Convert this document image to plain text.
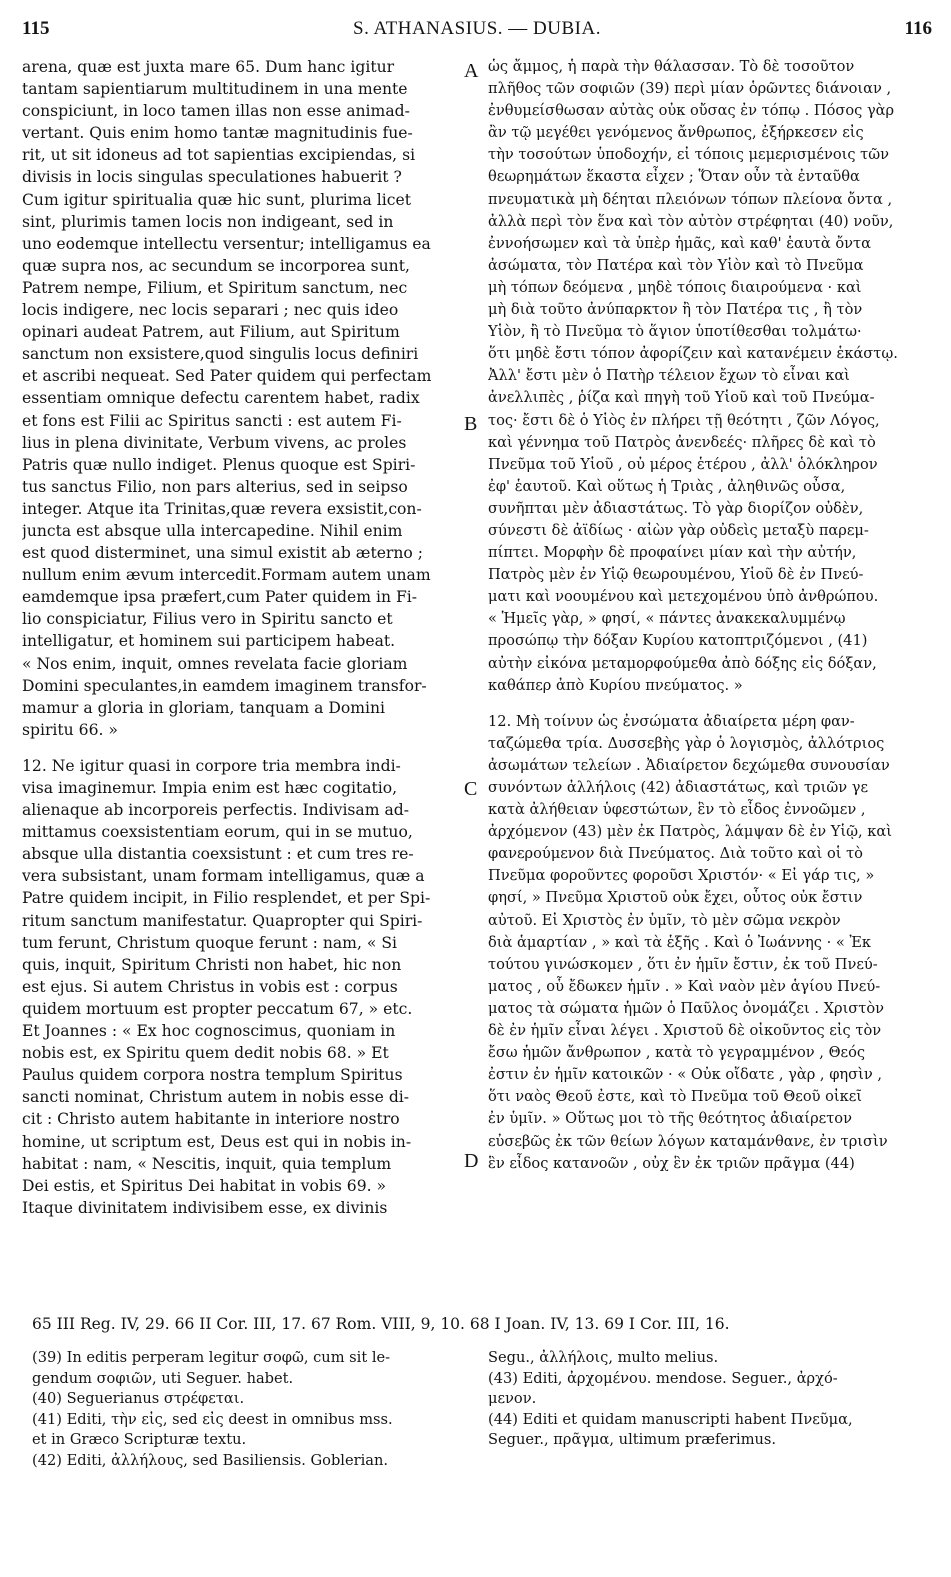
115	S. ATHANASIUS. — DUBIA.	116
arena, quæ est juxta mare 65. Dum hanc igitur
tantam sapientiarum multitudinem in una mente
conspiciunt, in loco tamen illas non esse animad-
vertant. Quis enim homo tantæ magnitudinis fue-
rit, ut sit idoneus ad tot sapientias excipiendas, si
divisis in locis singulas speculationes habuerit ?
Cum igitur spiritualia quæ hic sunt, plurima licet
sint, plurimis tamen locis non indigeant, sed in
uno eodemque intellectu versentur; intelligamus ea
quæ supra nos, ac secundum se incorporea sunt,
Patrem nempe, Filium, et Spiritum sanctum, nec
locis indigere, nec locis separari ; nec quis ideo
opinari audeat Patrem, aut Filium, aut Spiritum
sanctum non exsistere,quod singulis locus definiri
et ascribi nequeat. Sed Pater quidem qui perfectam
essentiam omnique defectu carentem habet, radix
et fons est Filii ac Spiritus sancti : est autem Fi-
lius in plena divinitate, Verbum vivens, ac proles
Patris quæ nullo indiget. Plenus quoque est Spiri-
tus sanctus Filio, non pars alterius, sed in seipso
integer. Atque ita Trinitas,quæ revera exsistit,con-
juncta est absque ulla intercapedine. Nihil enim
est quod disterminet, una simul existit ab æterno ;
nullum enim ævum intercedit.Formam autem unam
eamdemque ipsa præfert,cum Pater quidem in Fi-
lio conspiciatur, Filius vero in Spiritu sancto et
intelligatur, et hominem sui participem habeat.
« Nos enim, inquit, omnes revelata facie gloriam
Domini speculantes,in eamdem imaginem transfor-
mamur a gloria in gloriam, tanquam a Domini
spiritu 66. »
12. Ne igitur quasi in corpore tria membra indi-
visa imaginemur. Impia enim est hæc cogitatio,
alienaque ab incorporeis perfectis. Indivisam ad-
mittamus coexsistentiam eorum, qui in se mutuo,
absque ulla distantia coexsistunt : et cum tres re-
vera subsistant, unam formam intelligamus, quæ a
Patre quidem incipit, in Filio resplendet, et per Spi-
ritum sanctum manifestatur. Quapropter qui Spiri-
tum ferunt, Christum quoque ferunt : nam, « Si
quis, inquit, Spiritum Christi non habet, hic non
est ejus. Si autem Christus in vobis est : corpus
quidem mortuum est propter peccatum 67, » etc.
Et Joannes : « Ex hoc cognoscimus, quoniam in
nobis est, ex Spiritu quem dedit nobis 68. » Et
Paulus quidem corpora nostra templum Spiritus
sancti nominat, Christum autem in nobis esse di-
cit : Christo autem habitante in interiore nostro
homine, ut scriptum est, Deus est qui in nobis in-
habitat : nam, « Nescitis, inquit, quia templum
Dei estis, et Spiritus Dei habitat in vobis 69. »
Itaque divinitatem indivisibem esse, ex divinis
ὡς ἄμμος, ἡ παρὰ τὴν θάλασσαν. Τὸ δὲ τοσοῦτον
πλῆθος τῶν σοφιῶν (39) περὶ μίαν ὁρῶντες διάνοιαν ,
ἐνθυμείσθωσαν αὐτὰς οὐκ οὔσας ἐν τόπῳ . Πόσος γὰρ
ἂν τῷ μεγέθει γενόμενος ἄνθρωπος, ἐξήρκεσεν εἰς
τὴν τοσούτων ὑποδοχήν, εἰ τόποις μεμερισμένοις τῶν
θεωρημάτων ἕκαστα εἶχεν ; Ὅταν οὖν τὰ ἐνταῦθα
πνευματικὰ μὴ δέηται πλειόνων τόπων πλείονα ὄντα ,
ἀλλὰ περὶ τὸν ἕνα καὶ τὸν αὐτὸν στρέφηται (40) νοῦν,
ἐννοήσωμεν καὶ τὰ ὑπὲρ ἡμᾶς, καὶ καθ' ἑαυτὰ ὄντα
ἀσώματα, τὸν Πατέρα καὶ τὸν Υἱὸν καὶ τὸ Πνεῦμα
μὴ τόπων δεόμενα , μηδὲ τόποις διαιρούμενα · καὶ
μὴ διὰ τοῦτο ἀνύπαρκτον ἢ τὸν Πατέρα τις , ἢ τὸν
Υἱὸν, ἢ τὸ Πνεῦμα τὸ ἅγιον ὑποτίθεσθαι τολμάτω·
ὅτι μηδὲ ἔστι τόπον ἀφορίζειν καὶ κατανέμειν ἑκάστῳ.
Ἀλλ' ἔστι μὲν ὁ Πατὴρ τέλειον ἔχων τὸ εἶναι καὶ
ἀνελλιπὲς , ῥίζα καὶ πηγὴ τοῦ Υἱοῦ καὶ τοῦ Πνεύμα-
τος· ἔστι δὲ ὁ Υἱὸς ἐν πλήρει τῇ θεότητι , ζῶν Λόγος,
καὶ γέννημα τοῦ Πατρὸς ἀνενδεές· πλῆρες δὲ καὶ τὸ
Πνεῦμα τοῦ Υἱοῦ , οὐ μέρος ἑτέρου , ἀλλ' ὁλόκληρον
ἐφ' ἑαυτοῦ. Καὶ οὕτως ἡ Τριὰς , ἀληθινῶς οὖσα,
συνῆπται μὲν ἀδιαστάτως. Τὸ γὰρ διορίζον οὐδὲν,
σύνεστι δὲ ἀϊδίως · αἰὼν γὰρ οὐδεὶς μεταξὺ παρεμ-
πίπτει. Μορφὴν δὲ προφαίνει μίαν καὶ τὴν αὐτήν,
Πατρὸς μὲν ἐν Υἱῷ θεωρουμένου, Υἱοῦ δὲ ἐν Πνεύ-
ματι καὶ νοουμένου καὶ μετεχομένου ὑπὸ ἀνθρώπου.
« Ἡμεῖς γὰρ, » φησί, « πάντες ἀνακεκαλυμμένῳ
προσώπῳ τὴν δόξαν Κυρίου κατοπτριζόμενοι , (41)
αὐτὴν εἰκόνα μεταμορφούμεθα ἀπὸ δόξης εἰς δόξαν,
καθάπερ ἀπὸ Κυρίου πνεύματος. »
12. Μὴ τοίνυν ὡς ἐνσώματα ἀδιαίρετα μέρη φαν-
ταζώμεθα τρία. Δυσσεβὴς γὰρ ὁ λογισμὸς, ἀλλότριος
ἀσωμάτων τελείων . Ἀδιαίρετον δεχώμεθα συνουσίαν
συνόντων ἀλλήλοις (42) ἀδιαστάτως, καὶ τριῶν γε
κατὰ ἀλήθειαν ὑφεστώτων, ἓν τὸ εἶδος ἐννοῶμεν ,
ἀρχόμενον (43) μὲν ἐκ Πατρὸς, λάμψαν δὲ ἐν Υἱῷ, καὶ
φανερούμενον διὰ Πνεύματος. Διὰ τοῦτο καὶ οἱ τὸ
Πνεῦμα φοροῦντες φοροῦσι Χριστόν· « Εἰ γάρ τις, »
φησί, » Πνεῦμα Χριστοῦ οὐκ ἔχει, οὗτος οὐκ ἔστιν
αὐτοῦ. Εἰ Χριστὸς ἐν ὑμῖν, τὸ μὲν σῶμα νεκρὸν
διὰ ἁμαρτίαν , » καὶ τὰ ἑξῆς . Καὶ ὁ Ἰωάννης · « Ἐκ
τούτου γινώσκομεν , ὅτι ἐν ἡμῖν ἔστιν, ἐκ τοῦ Πνεύ-
ματος , οὗ ἔδωκεν ἡμῖν . » Καὶ ναὸν μὲν ἁγίου Πνεύ-
ματος τὰ σώματα ἡμῶν ὁ Παῦλος ὀνομάζει . Χριστὸν
δὲ ἐν ἡμῖν εἶναι λέγει . Χριστοῦ δὲ οἰκοῦντος εἰς τὸν
ἔσω ἡμῶν ἄνθρωπον , κατὰ τὸ γεγραμμένον , Θεός
ἐστιν ἐν ἡμῖν κατοικῶν · « Οὐκ οἴδατε , γὰρ , φησὶν ,
ὅτι ναὸς Θεοῦ ἐστε, καὶ τὸ Πνεῦμα τοῦ Θεοῦ οἰκεῖ
ἐν ὑμῖν. » Οὕτως μοι τὸ τῆς θεότητος ἀδιαίρετον
εὐσεβῶς ἐκ τῶν θείων λόγων καταμάνθανε, ἐν τρισὶν
ἓν εἶδος κατανοῶν , οὐχ ἓν ἐκ τριῶν πρᾶγμα (44)
A
B
C
D
65 III Reg. IV, 29. 66 II Cor. III, 17. 67 Rom. VIII, 9, 10. 68 I Joan. IV, 13. 69 I Cor. III, 16.
(39) In editis perperam legitur σοφῶ, cum sit le-
gendum σοφιῶν, uti Seguer. habet.
(40) Seguerianus στρέφεται.
(41) Editi, τὴν εἰς, sed εἰς deest in omnibus mss.
et in Græco Scripturæ textu.
(42) Editi, ἀλλήλους, sed Basiliensis. Goblerian.
Segu., ἀλλήλοις, multo melius.
(43) Editi, ἀρχομένου. mendose. Seguer., ἀρχό-
μενον.
(44) Editi et quidam manuscripti habent Πνεῦμα,
Seguer., πρᾶγμα, ultimum præferimus.
